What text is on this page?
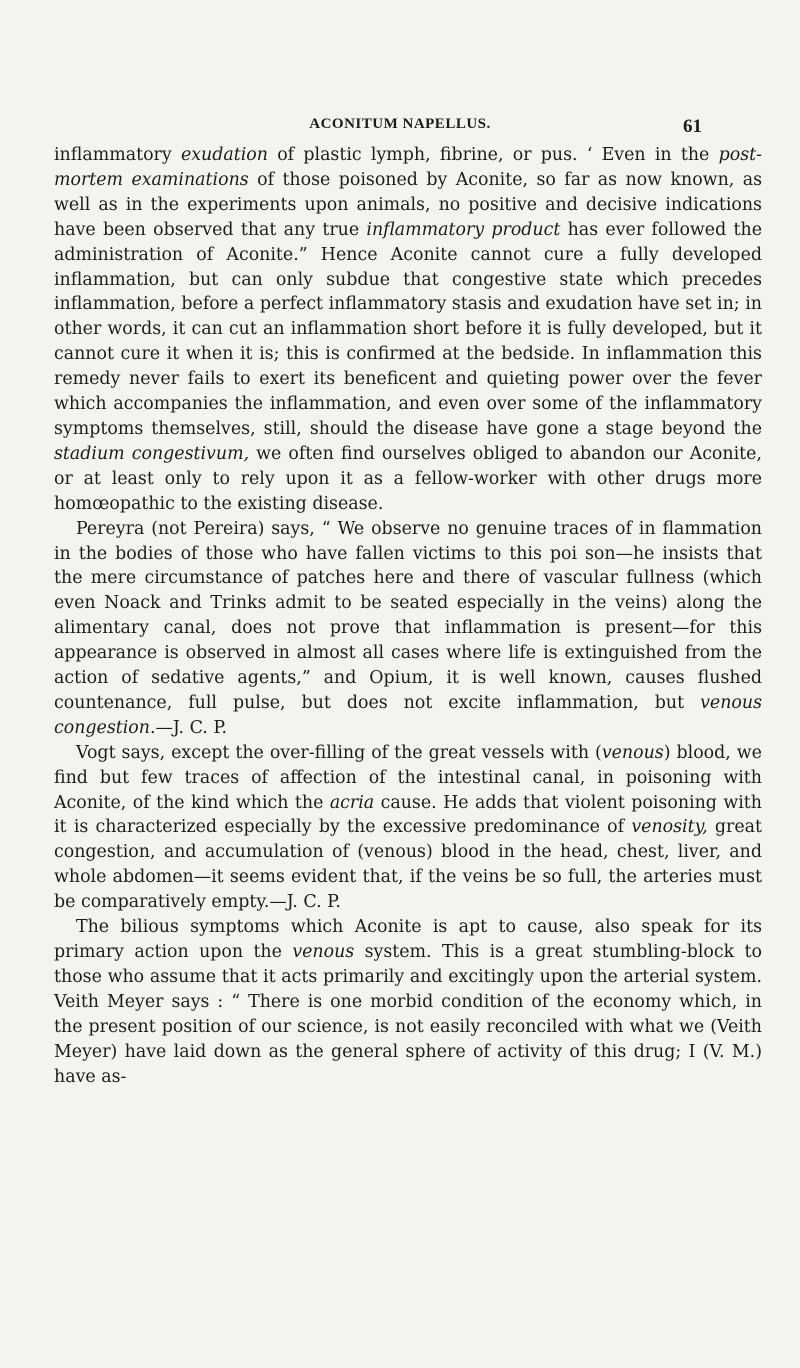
ACONITUM NAPELLUS.	61

inflammatory exudation of plastic lymph, fibrine, or pus. ‘ Even in the post-mortem examinations of those poisoned by Aconite, so far as now known, as well as in the experiments upon animals, no positive and decisive indications have been observed that any true inflammatory product has ever followed the administration of Aconite.” Hence Aconite cannot cure a fully developed inflammation, but can only subdue that congestive state which precedes inflammation, before a perfect inflammatory stasis and exudation have set in; in other words, it can cut an inflammation short before it is fully developed, but it cannot cure it when it is; this is confirmed at the bedside. In inflammation this remedy never fails to exert its beneficent and quieting power over the fever which accompanies the inflammation, and even over some of the inflammatory symptoms themselves, still, should the disease have gone a stage beyond the stadium congestivum, we often find ourselves obliged to abandon our Aconite, or at least only to rely upon it as a fellow-worker with other drugs more homœopathic to the existing disease.

Pereyra (not Pereira) says, “ We observe no genuine traces of in flammation in the bodies of those who have fallen victims to this poi son—he insists that the mere circumstance of patches here and there of vascular fullness (which even Noack and Trinks admit to be seated especially in the veins) along the alimentary canal, does not prove that inflammation is present—for this appearance is observed in almost all cases where life is extinguished from the action of sedative agents,” and Opium, it is well known, causes flushed countenance, full pulse, but does not excite inflammation, but venous congestion.—J. C. P.

Vogt says, except the over-filling of the great vessels with (venous) blood, we find but few traces of affection of the intestinal canal, in poisoning with Aconite, of the kind which the acria cause. He adds that violent poisoning with it is characterized especially by the excessive predominance of venosity, great congestion, and accumulation of (venous) blood in the head, chest, liver, and whole abdomen—it seems evident that, if the veins be so full, the arteries must be comparatively empty.—J. C. P.

The bilious symptoms which Aconite is apt to cause, also speak for its primary action upon the venous system. This is a great stumbling-block to those who assume that it acts primarily and excitingly upon the arterial system. Veith Meyer says : “ There is one morbid condition of the economy which, in the present position of our science, is not easily reconciled with what we (Veith Meyer) have laid down as the general sphere of activity of this drug; I (V. M.) have as-
